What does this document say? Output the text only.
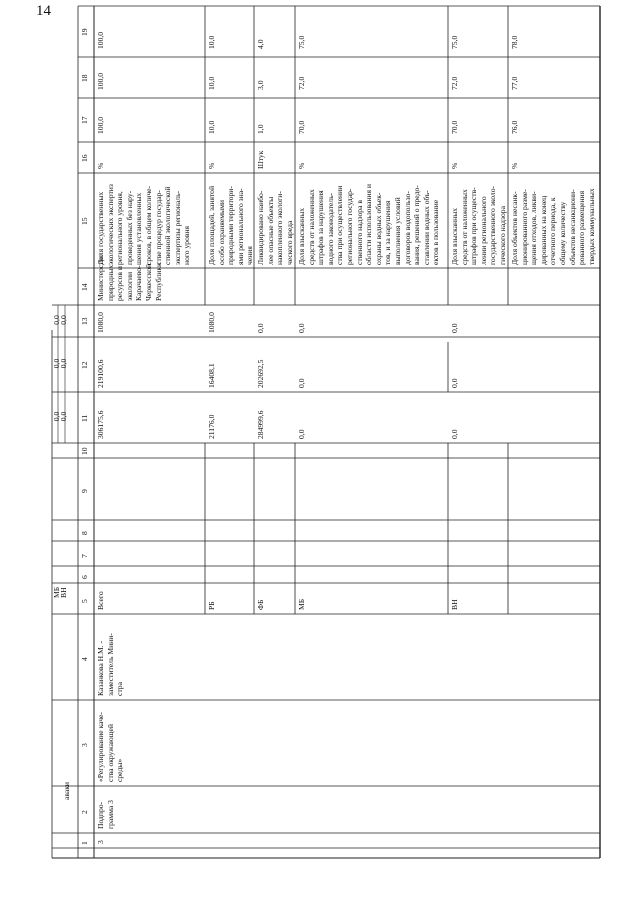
14
аваки
МБ
ВН
1
2
3
4
5
6
7
8
9
10
11
12
13
14
15
16
17
18
19
0,0
0,0
0,0
0,0
0,0
0,0
3
Подпро-
грамма 3
«Регулирование каче-
ства окружающей
среды»
Казанкова Н.М. -
заместитель Мини-
стра
Министерство
природных
ресурсов и
экологии
Карачаево-
Черкесской
Республики
Всего
306175,6
219100,6
1080,0
РБ
21176,0
16408,1
1080,0
ФБ
284999,6
202692,5
0,0
МБ
0,0
0,0
0,0
ВН
0,0
0,0
0,0
Доля государственных
экологических экспертиз
регионального уровня,
проведенных без нару-
шения установленных
сроков, в общем количе-
стве процедур государ-
ственной экологической
экспертизы региональ-
ного уровня
%
100,0
100,0
100,0
Доля площадей, занятой
особо охраняемыми
природными территори-
ями регионального зна-
чения
%
10,0
10,0
10,0
Ликвидировано наибо-
лее опасные объекты
накопленного экологи-
ческого вреда
Штук
1,0
3,0
4,0
Доля взысканных
средств от наложенных
штрафов за нарушения
водного законодатель-
ства при осуществлении
регионального государ-
ственного надзора в
области использования и
охраны водных объек-
тов, и за нарушения
выполнения условий
договоров водопользо-
вания, решений о предо-
ставлении водных объ-
ектов в пользование
%
70,0
72,0
75,0
Доля взысканных
средств от наложенных
штрафов при осуществ-
лении регионального
государственного эколо-
гического надзора
%
70,0
72,0
75,0
Доля объектов несанк-
ционированного разме-
щения отходов, ликви-
дированных на конец
отчетного периода, к
общему количеству
объектов несанкциони-
рованного размещения
твердых коммунальных
%
76,0
77,0
78,0
